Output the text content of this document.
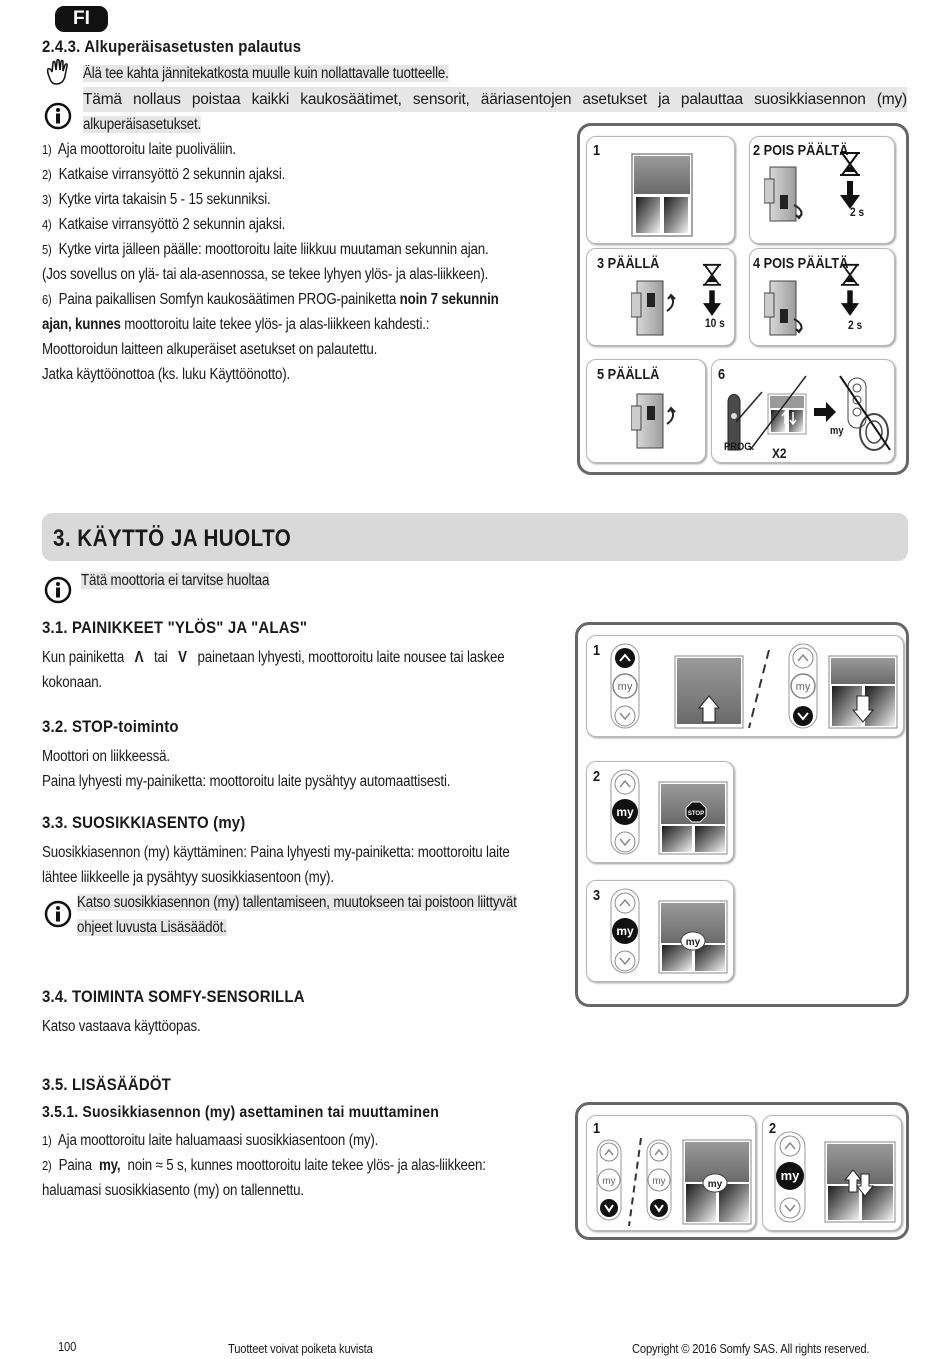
FI
2.4.3. Alkuperäisasetusten palautus
Älä tee kahta jännitekatkosta muulle kuin nollattavalle tuotteelle.
Tämä nollaus poistaa kaikki kaukosäätimet, sensorit, ääriasentojen asetukset ja palauttaa suosikkiasennon (my)
alkuperäisasetukset.
1) Aja moottoroitu laite puoliväliin.
2) Katkaise virransyöttö 2 sekunnin ajaksi.
3) Kytke virta takaisin 5 - 15 sekunniksi.
4) Katkaise virransyöttö 2 sekunnin ajaksi.
5) Kytke virta jälleen päälle: moottoroitu laite liikkuu muutaman sekunnin ajan.
(Jos sovellus on ylä- tai ala-asennossa, se tekee lyhyen ylös- ja alas-liikkeen).
6) Paina paikallisen Somfyn kaukosäätimen PROG-painiketta noin 7 sekunnin
ajan, kunnes moottoroitu laite tekee ylös- ja alas-liikkeen kahdesti.:
Moottoroidun laitteen alkuperäiset asetukset on palautettu.
Jatka käyttöönottoa (ks. luku Käyttöönotto).
1	2 POIS PÄÄLTÄ
2 s
3 PÄÄLLÄ
10 s
4 POIS PÄÄLTÄ
2 s
5 PÄÄLLÄ	6
PROG. X2
my
3. KÄYTTÖ JA HUOLTO
Tätä moottoria ei tarvitse huoltaa
3.1. PAINIKKEET "YLÖS" JA "ALAS"
Kun painiketta Λ tai V painetaan lyhyesti, moottoroitu laite nousee tai laskee
kokonaan.
3.2. STOP-toiminto
Moottori on liikkeessä.
Paina lyhyesti my-painiketta: moottoroitu laite pysähtyy automaattisesti.
3.3. SUOSIKKIASENTO (my)
Suosikkiasennon (my) käyttäminen: Paina lyhyesti my-painiketta: moottoroitu laite
lähtee liikkeelle ja pysähtyy suosikkiasentoon (my).
Katso suosikkiasennon (my) tallentamiseen, muutokseen tai poistoon liittyvät
ohjeet luvusta Lisäsäädöt.
1
my	my
2
my	STOP
3
my
my
3.4. TOIMINTA SOMFY-SENSORILLA
Katso vastaava käyttöopas.
3.5. LISÄSÄÄDÖT
3.5.1. Suosikkiasennon (my) asettaminen tai muuttaminen
1) Aja moottoroitu laite haluamaasi suosikkiasentoon (my).
2) Paina my, noin ≈ 5 s, kunnes moottoroitu laite tekee ylös- ja alas-liikkeen:
haluamasi suosikkiasento (my) on tallennettu.
1
my	my	my
2
my
100	Tuotteet voivat poiketa kuvista	Copyright © 2016 Somfy SAS. All rights reserved.
